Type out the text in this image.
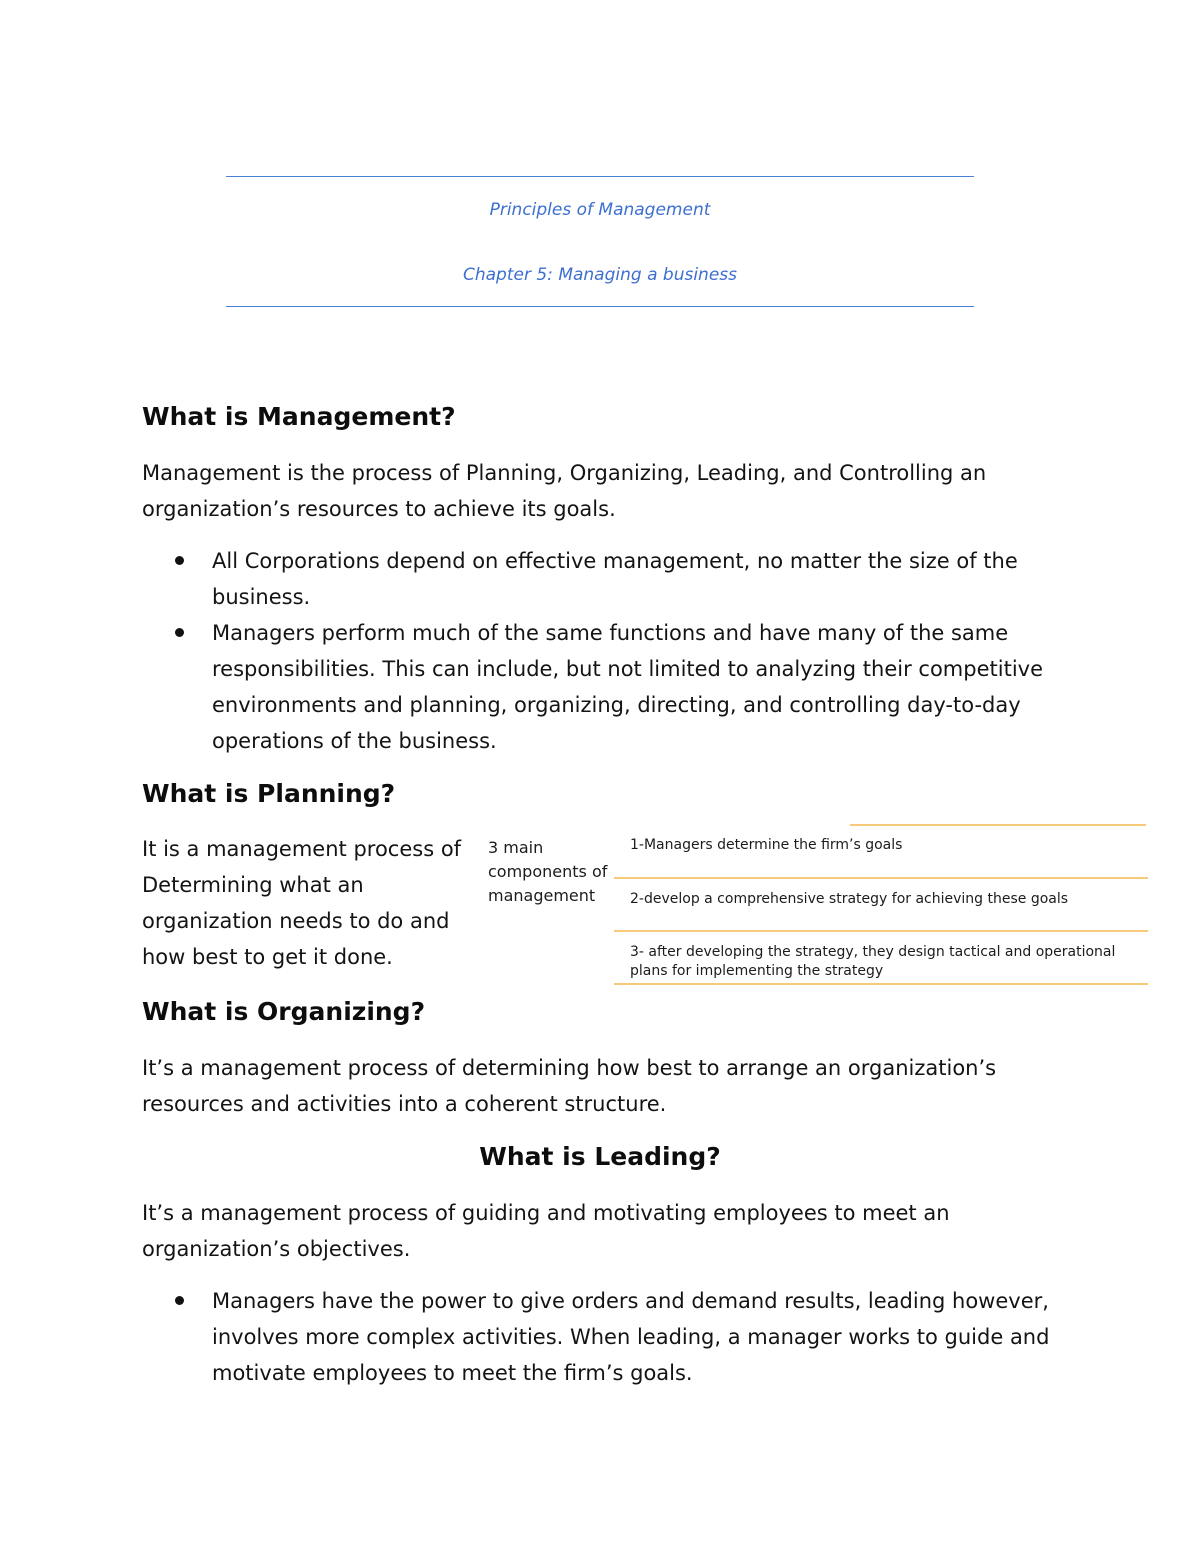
Principles of Management
Chapter 5: Managing a business
What is Management?
Management is the process of Planning, Organizing, Leading, and Controlling an organization’s resources to achieve its goals.
All Corporations depend on effective management, no matter the size of the business.
Managers perform much of the same functions and have many of the same responsibilities. This can include, but not limited to analyzing their competitive environments and planning, organizing, directing, and controlling day-to-day operations of the business.
What is Planning?
It is a management process of Determining what an organization needs to do and how best to get it done.
3 main components of management
1-Managers determine the firm’s goals
2-develop a comprehensive strategy for achieving these goals
3- after developing the strategy, they design tactical and operational plans for implementing the strategy
What is Organizing?
It’s a management process of determining how best to arrange an organization’s resources and activities into a coherent structure.
What is Leading?
It’s a management process of guiding and motivating employees to meet an organization’s objectives.
Managers have the power to give orders and demand results, leading however, involves more complex activities. When leading, a manager works to guide and motivate employees to meet the firm’s goals.
